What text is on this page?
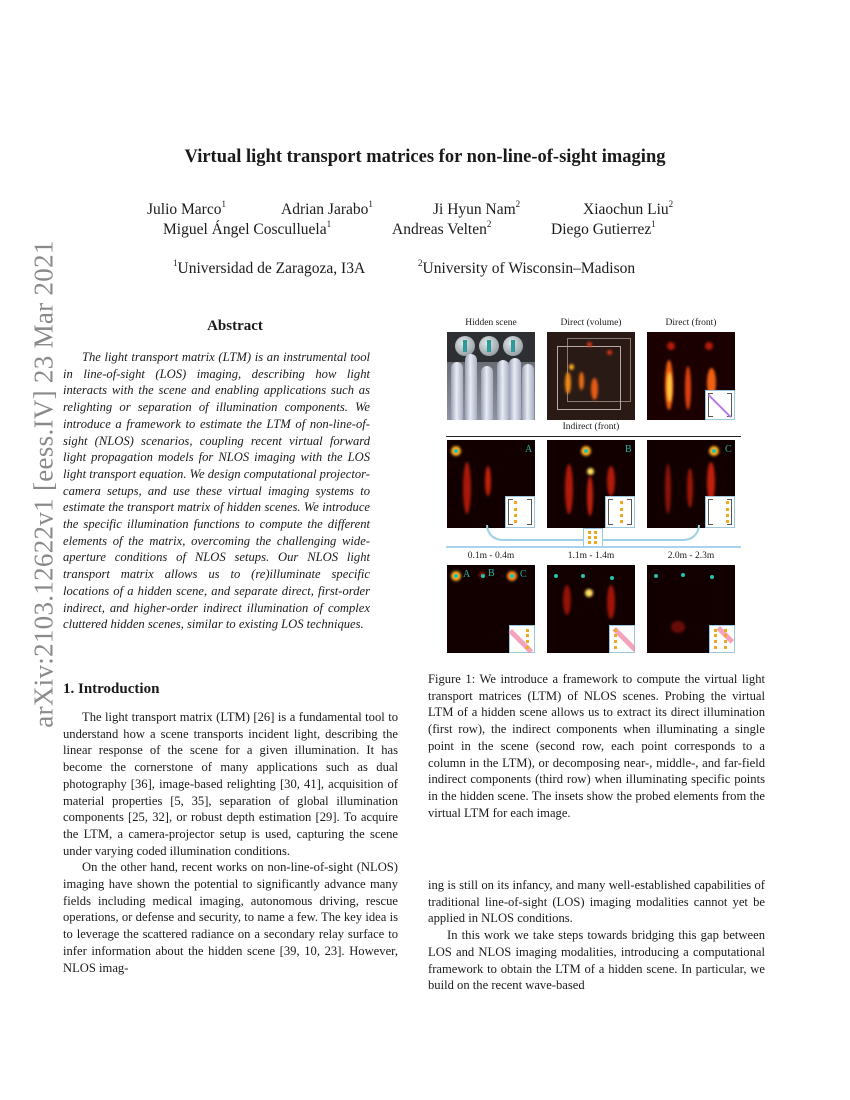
arXiv:2103.12622v1 [eess.IV] 23 Mar 2021
Virtual light transport matrices for non-line-of-sight imaging
Julio Marco$^1$	Adrian Jarabo$^1$	Ji Hyun Nam$^2$	Xiaochun Liu$^2$
Miguel Ángel Cosculluela$^1$	Andreas Velten$^2$	Diego Gutierrez$^1$
$^1$Universidad de Zaragoza, I3A	$^2$University of Wisconsin–Madison
Abstract
The light transport matrix (LTM) is an instrumental tool in line-of-sight (LOS) imaging, describing how light interacts with the scene and enabling applications such as relighting or separation of illumination components. We introduce a framework to estimate the LTM of non-line-of-sight (NLOS) scenarios, coupling recent virtual forward light propagation models for NLOS imaging with the LOS light transport equation. We design computational projector-camera setups, and use these virtual imaging systems to estimate the transport matrix of hidden scenes. We introduce the specific illumination functions to compute the different elements of the matrix, overcoming the challenging wide-aperture conditions of NLOS setups. Our NLOS light transport matrix allows us to (re)illuminate specific locations of a hidden scene, and separate direct, first-order indirect, and higher-order indirect illumination of complex cluttered hidden scenes, similar to existing LOS techniques.
1. Introduction

The light transport matrix (LTM) [26] is a fundamental tool to understand how a scene transports incident light, describing the linear response of the scene for a given illumination. It has become the cornerstone of many applications such as dual photography [36], image-based relighting [30, 41], acquisition of material properties [5, 35], separation of global illumination components [25, 32], or robust depth estimation [29]. To acquire the LTM, a camera-projector setup is used, capturing the scene under varying coded illumination conditions.

On the other hand, recent works on non-line-of-sight (NLOS) imaging have shown the potential to significantly advance many fields including medical imaging, autonomous driving, rescue operations, or defense and security, to name a few. The key idea is to leverage the scattered radiance on a secondary relay surface to infer information about the hidden scene [39, 10, 23]. However, NLOS imag-

ing is still on its infancy, and many well-established capabilities of traditional line-of-sight (LOS) imaging modalities cannot yet be applied in NLOS conditions.

In this work we take steps towards bridging this gap between LOS and NLOS imaging modalities, introducing a computational framework to obtain the LTM of a hidden scene. In particular, we build on the recent wave-based

Hidden scene	Direct (volume)	Direct (front)
Indirect (front)
A	B	C
0.1m - 0.4m	1.1m - 1.4m	2.0m - 2.3m
A B	C
Figure 1: We introduce a framework to compute the virtual light transport matrices (LTM) of NLOS scenes. Probing the virtual LTM of a hidden scene allows us to extract its direct illumination (first row), the indirect components when illuminating a single point in the scene (second row, each point corresponds to a column in the LTM), or decomposing near-, middle-, and far-field indirect components (third row) when illuminating specific points in the hidden scene. The insets show the probed elements from the virtual LTM for each image.
